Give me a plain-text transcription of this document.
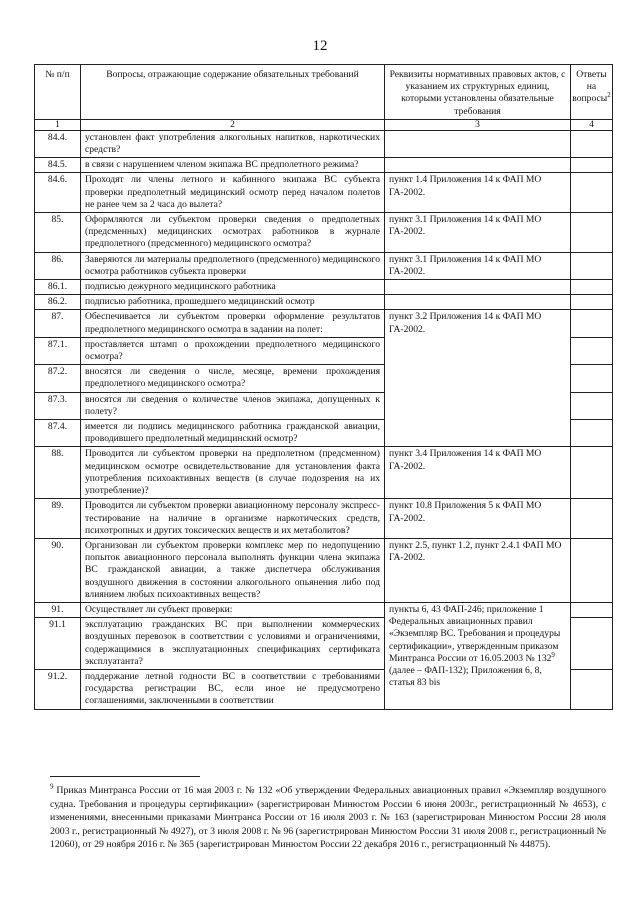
12
№ п/п	Вопросы, отражающие содержание обязательных требований	Реквизиты нормативных правовых актов, с указанием их структурных единиц, которыми установлены обязательные требования	Ответы на вопросы$^2$
1	2	3	4
84.4.	установлен факт употребления алкогольных напитков, наркотических средств?		
84.5.	в связи с нарушением членом экипажа ВС предполетного режима?		
84.6.	Проходят ли члены летного и кабинного экипажа ВС субъекта проверки предполетный медицинский осмотр перед началом полетов не ранее чем за 2 часа до вылета?	пункт 1.4 Приложения 14 к ФАП МО ГА-2002.	
85.	Оформляются ли субъектом проверки сведения о предполетных (предсменных) медицинских осмотрах работников в журнале предполетного (предсменного) медицинского осмотра?	пункт 3.1 Приложения 14 к ФАП МО ГА-2002.	
86.	Заверяются ли материалы предполетного (предсменного) медицинского осмотра работников субъекта проверки	пункт 3.1 Приложения 14 к ФАП МО ГА-2002.	
86.1.	подписью дежурного медицинского работника		
86.2.	подписью работника, прошедшего медицинский осмотр		
87.	Обеспечивается ли субъектом проверки оформление результатов предполетного медицинского осмотра в задании на полет:	пункт 3.2 Приложения 14 к ФАП МО ГА-2002.	
87.1.	проставляется штамп о прохождении предполетного медицинского осмотра?		
87.2.	вносятся ли сведения о числе, месяце, времени прохождения предполетного медицинского осмотра?		
87.3.	вносятся ли сведения о количестве членов экипажа, допущенных к полету?		
87.4.	имеется ли подпись медицинского работника гражданской авиации, проводившего предполетный медицинский осмотр?		
88.	Проводится ли субъектом проверки на предполетном (предсменном) медицинском осмотре освидетельствование для установления факта употребления психоактивных веществ (в случае подозрения на их употребление)?	пункт 3.4 Приложения 14 к ФАП МО ГА-2002.	
89.	Проводится ли субъектом проверки авиационному персоналу экспресс-тестирование на наличие в организме наркотических средств, психотропных и других токсических веществ и их метаболитов?	пункт 10.8 Приложения 5 к ФАП МО ГА-2002.	
90.	Организован ли субъектом проверки комплекс мер по недопущению попыток авиационного персонала выполнять функции члена экипажа ВС гражданской авиации, а также диспетчера обслуживания воздушного движения в состоянии алкогольного опьянения либо под влиянием любых психоактивных веществ?	пункт 2.5, пункт 1.2, пункт 2.4.1 ФАП МО ГА-2002.	
91.	Осуществляет ли субъект проверки:	пункты 6, 43 ФАП-246; приложение 1 Федеральных авиационных правил «Экземпляр ВС. Требования и процедуры сертификации», утвержденным приказом Минтранса России от 16.05.2003 № $132^9$ (далее – ФАП-132); Приложения 6, 8, статья 83 bis	
91.1	эксплуатацию гражданских ВС при выполнении коммерческих воздушных перевозок в соответствии с условиями и ограничениями, содержащимися в эксплуатационных спецификациях сертификата эксплуатанта?		
91.2.	поддержание летной годности ВС в соответствии с требованиями государства регистрации ВС, если иное не предусмотрено соглашениями, заключенными в соответствии		
$^9$ Приказ Минтранса России от 16 мая 2003 г. № 132 «Об утверждении Федеральных авиационных правил «Экземпляр воздушного судна. Требования и процедуры сертификации» (зарегистрирован Минюстом России 6 июня 2003г., регистрационный № 4653), с изменениями, внесенными приказами Минтранса России от 16 июля 2003 г. № 163 (зарегистрирован Минюстом России 28 июля 2003 г., регистрационный № 4927), от 3 июля 2008 г. № 96 (зарегистрирован Минюстом России 31 июля 2008 г., регистрационный № 12060), от 29 ноября 2016 г. № 365 (зарегистрирован Минюстом России 22 декабря 2016 г., регистрационный № 44875).
